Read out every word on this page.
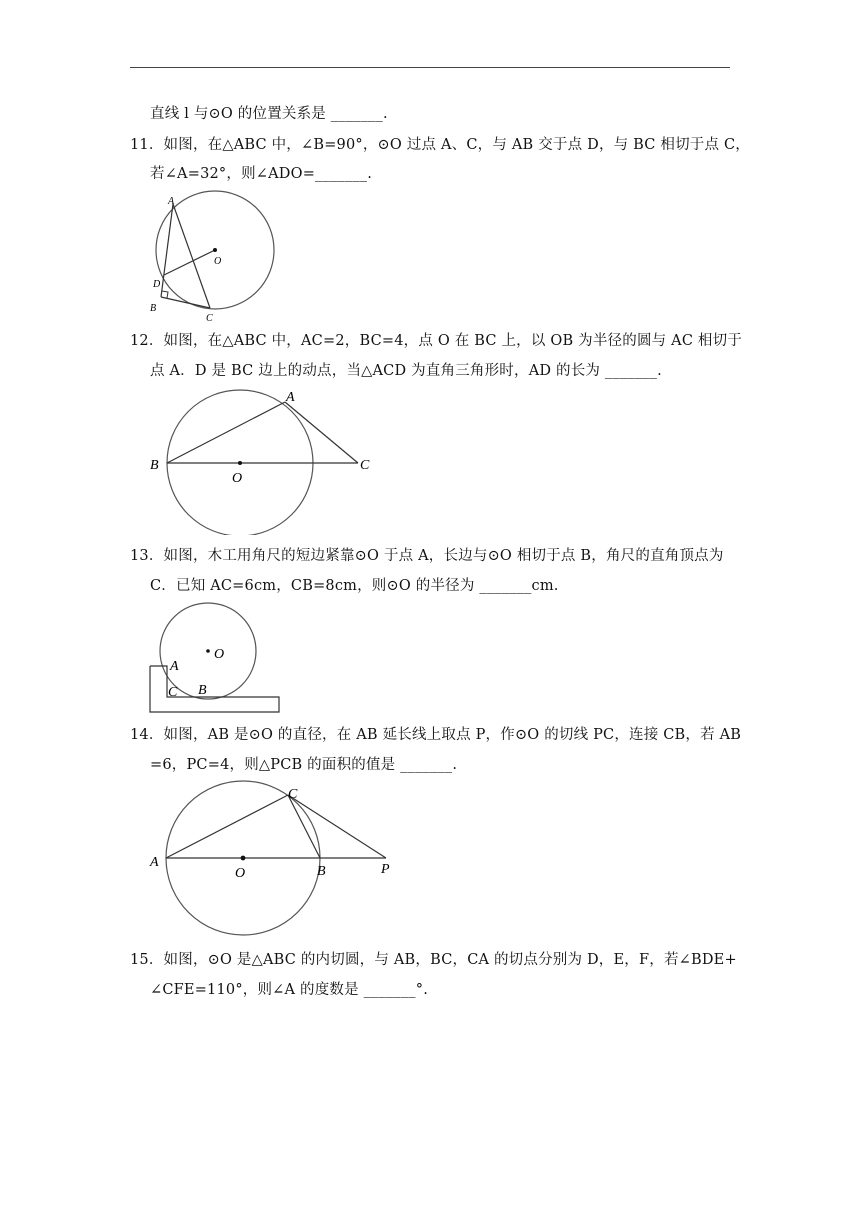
直线 l 与⊙O 的位置关系是 _______.
11．如图，在△ABC 中，∠B=90°，⊙O 过点 A、C，与 AB 交于点 D，与 BC 相切于点 C，
若∠A=32°，则∠ADO=_______.
A
O
D
B
C
12．如图，在△ABC 中，AC=2，BC=4，点 O 在 BC 上，以 OB 为半径的圆与 AC 相切于
点 A．D 是 BC 边上的动点，当△ACD 为直角三角形时，AD 的长为 _______.
A
B
O
C
13．如图，木工用角尺的短边紧靠⊙O 于点 A，长边与⊙O 相切于点 B，角尺的直角顶点为
C．已知 AC=6cm，CB=8cm，则⊙O 的半径为 _______cm.
O
A
C B
14．如图，AB 是⊙O 的直径，在 AB 延长线上取点 P，作⊙O 的切线 PC，连接 CB，若 AB
=6，PC=4，则△PCB 的面积的值是 _______.
C
A
O	B	P
15．如图，⊙O 是△ABC 的内切圆，与 AB，BC，CA 的切点分别为 D，E，F，若∠BDE+
∠CFE=110°，则∠A 的度数是 _______°.
